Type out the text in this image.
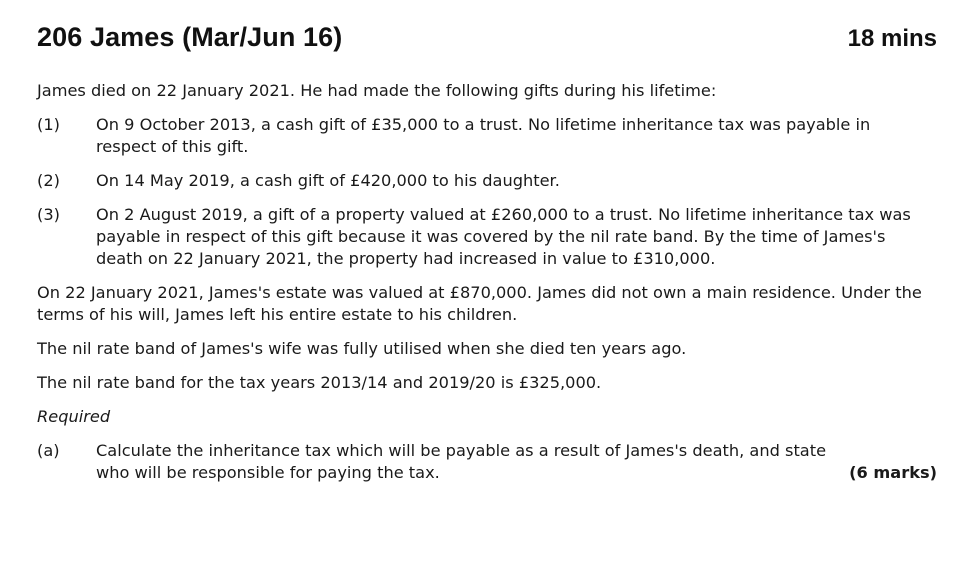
206 James (Mar/Jun 16)	18 mins

James died on 22 January 2021. He had made the following gifts during his lifetime:

(1)	On 9 October 2013, a cash gift of £35,000 to a trust. No lifetime inheritance tax was payable in respect of this gift.
(2)	On 14 May 2019, a cash gift of £420,000 to his daughter.
(3)	On 2 August 2019, a gift of a property valued at £260,000 to a trust. No lifetime inheritance tax was payable in respect of this gift because it was covered by the nil rate band. By the time of James's death on 22 January 2021, the property had increased in value to £310,000.

On 22 January 2021, James's estate was valued at £870,000. James did not own a main residence. Under the terms of his will, James left his entire estate to his children.

The nil rate band of James's wife was fully utilised when she died ten years ago.

The nil rate band for the tax years 2013/14 and 2019/20 is £325,000.

Required
(a)	Calculate the inheritance tax which will be payable as a result of James's death, and state
who will be responsible for paying the tax.	(6 marks)
